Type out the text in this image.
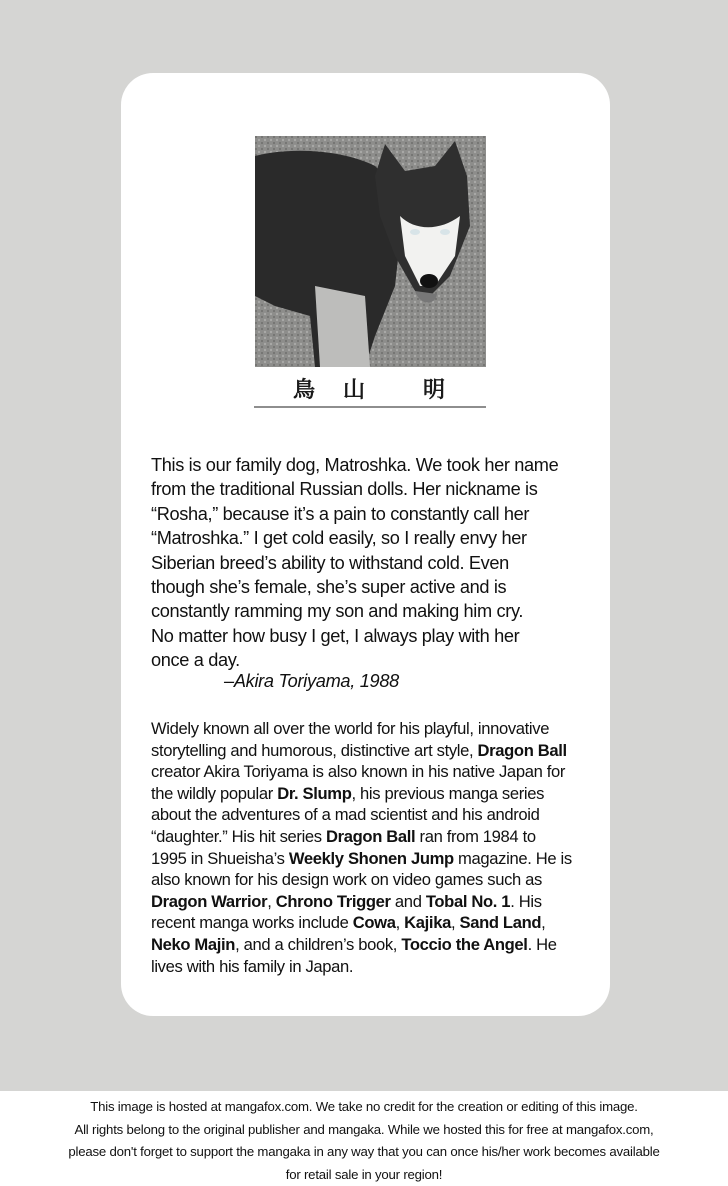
鳥 山	明
This is our family dog, Matroshka. We took her name
from the traditional Russian dolls. Her nickname is
“Rosha,” because it’s a pain to constantly call her
“Matroshka.” I get cold easily, so I really envy her
Siberian breed’s ability to withstand cold. Even
though she’s female, she’s super active and is
constantly ramming my son and making him cry.
No matter how busy I get, I always play with her
once a day.
–Akira Toriyama, 1988
Widely known all over the world for his playful, innovative
storytelling and humorous, distinctive art style, Dragon Ball
creator Akira Toriyama is also known in his native Japan for
the wildly popular Dr. Slump, his previous manga series
about the adventures of a mad scientist and his android
“daughter.” His hit series Dragon Ball ran from 1984 to
1995 in Shueisha’s Weekly Shonen Jump magazine. He is
also known for his design work on video games such as
Dragon Warrior, Chrono Trigger and Tobal No. 1. His
recent manga works include Cowa, Kajika, Sand Land,
Neko Majin, and a children’s book, Toccio the Angel. He
lives with his family in Japan.
This image is hosted at mangafox.com. We take no credit for the creation or editing of this image.
All rights belong to the original publisher and mangaka. While we hosted this for free at mangafox.com,
please don't forget to support the mangaka in any way that you can once his/her work becomes available
for retail sale in your region!
